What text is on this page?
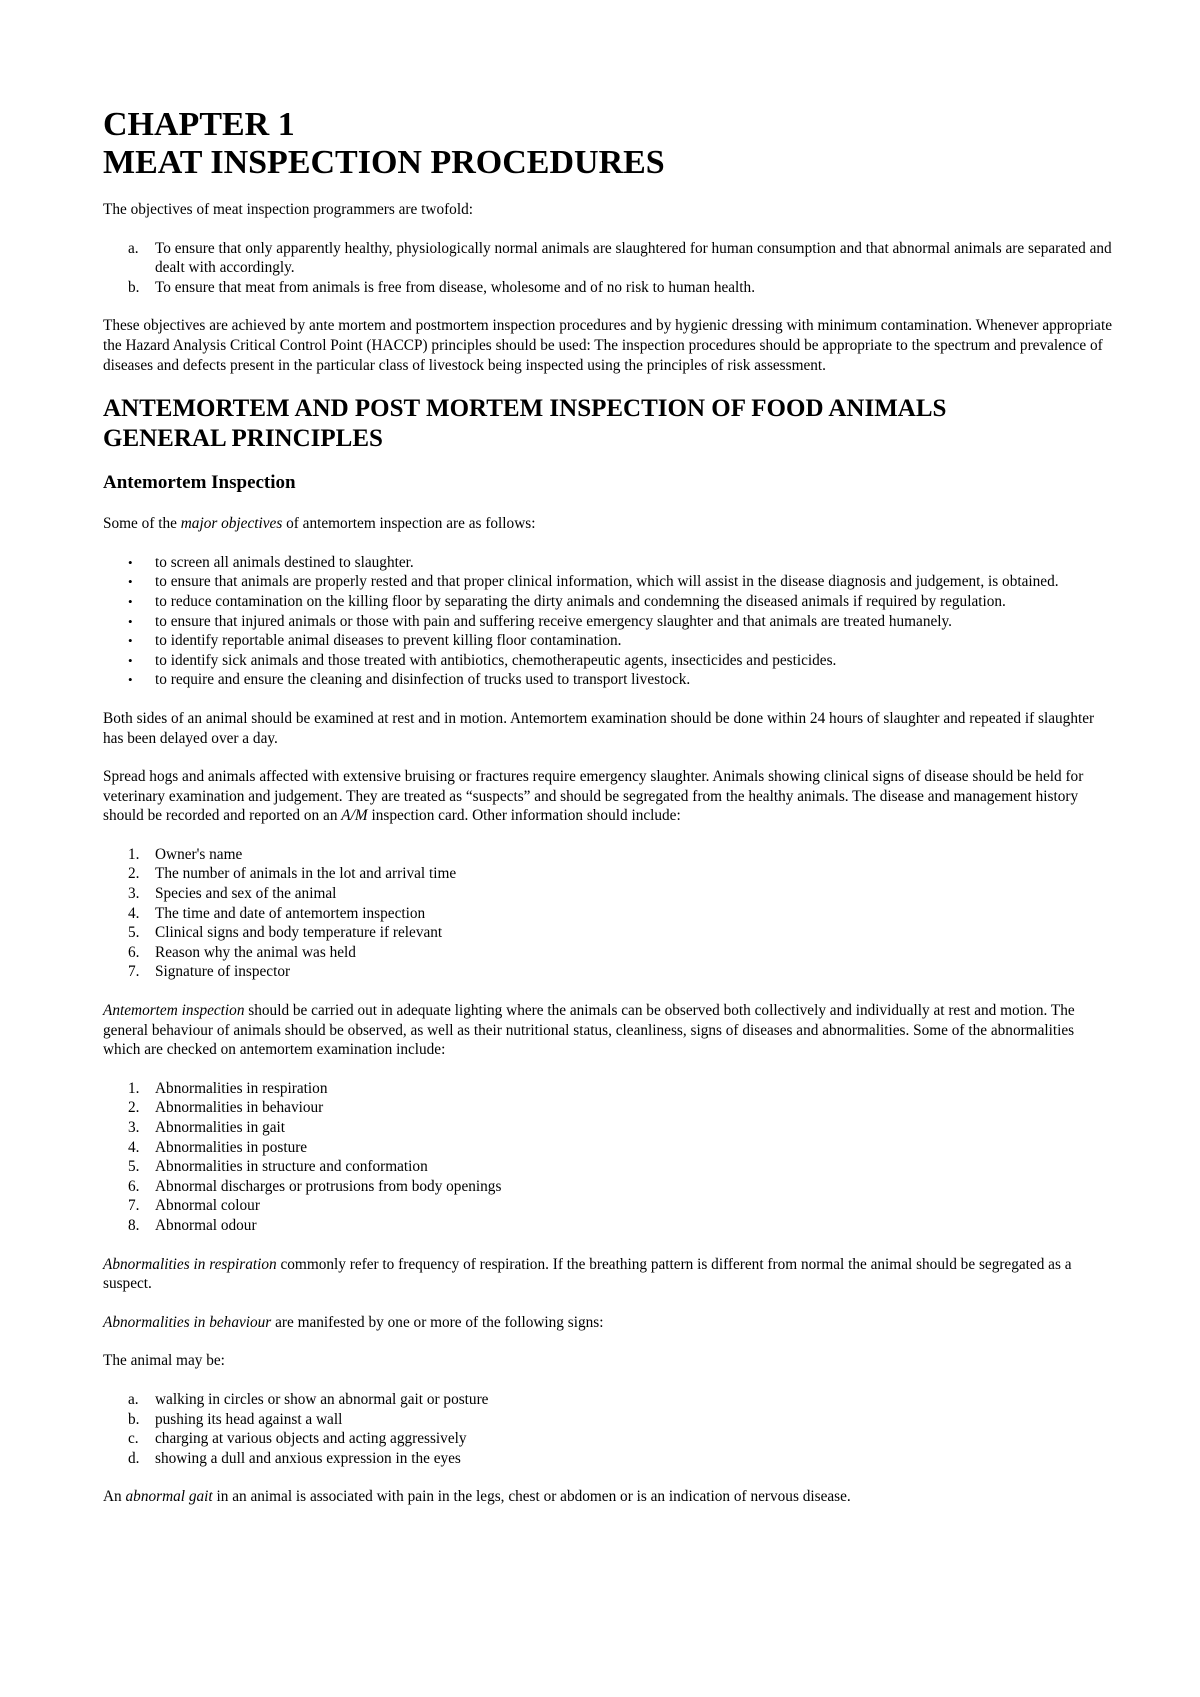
CHAPTER 1
MEAT INSPECTION PROCEDURES

The objectives of meat inspection programmers are twofold:

a. To ensure that only apparently healthy, physiologically normal animals are slaughtered for human consumption and that abnormal animals are separated and dealt with accordingly.
b. To ensure that meat from animals is free from disease, wholesome and of no risk to human health.

These objectives are achieved by ante mortem and postmortem inspection procedures and by hygienic dressing with minimum contamination. Whenever appropriate the Hazard Analysis Critical Control Point (HACCP) principles should be used: The inspection procedures should be appropriate to the spectrum and prevalence of diseases and defects present in the particular class of livestock being inspected using the principles of risk assessment.

ANTEMORTEM AND POST MORTEM INSPECTION OF FOOD ANIMALS
GENERAL PRINCIPLES
Antemortem Inspection

Some of the major objectives of antemortem inspection are as follows:

• to screen all animals destined to slaughter.
• to ensure that animals are properly rested and that proper clinical information, which will assist in the disease diagnosis and judgement, is obtained.
• to reduce contamination on the killing floor by separating the dirty animals and condemning the diseased animals if required by regulation.
• to ensure that injured animals or those with pain and suffering receive emergency slaughter and that animals are treated humanely.
• to identify reportable animal diseases to prevent killing floor contamination.
• to identify sick animals and those treated with antibiotics, chemotherapeutic agents, insecticides and pesticides.
• to require and ensure the cleaning and disinfection of trucks used to transport livestock.

Both sides of an animal should be examined at rest and in motion. Antemortem examination should be done within 24 hours of slaughter and repeated if slaughter has been delayed over a day.

Spread hogs and animals affected with extensive bruising or fractures require emergency slaughter. Animals showing clinical signs of disease should be held for veterinary examination and judgement. They are treated as “suspects” and should be segregated from the healthy animals. The disease and management history should be recorded and reported on an A/M inspection card. Other information should include:

1. Owner's name
2. The number of animals in the lot and arrival time
3. Species and sex of the animal
4. The time and date of antemortem inspection
5. Clinical signs and body temperature if relevant
6. Reason why the animal was held
7. Signature of inspector

Antemortem inspection should be carried out in adequate lighting where the animals can be observed both collectively and individually at rest and motion. The general behaviour of animals should be observed, as well as their nutritional status, cleanliness, signs of diseases and abnormalities. Some of the abnormalities which are checked on antemortem examination include:

1. Abnormalities in respiration
2. Abnormalities in behaviour
3. Abnormalities in gait
4. Abnormalities in posture
5. Abnormalities in structure and conformation
6. Abnormal discharges or protrusions from body openings
7. Abnormal colour
8. Abnormal odour

Abnormalities in respiration commonly refer to frequency of respiration. If the breathing pattern is different from normal the animal should be segregated as a suspect.

Abnormalities in behaviour are manifested by one or more of the following signs:

The animal may be:

a. walking in circles or show an abnormal gait or posture
b. pushing its head against a wall
c. charging at various objects and acting aggressively
d. showing a dull and anxious expression in the eyes

An abnormal gait in an animal is associated with pain in the legs, chest or abdomen or is an indication of nervous disease.
